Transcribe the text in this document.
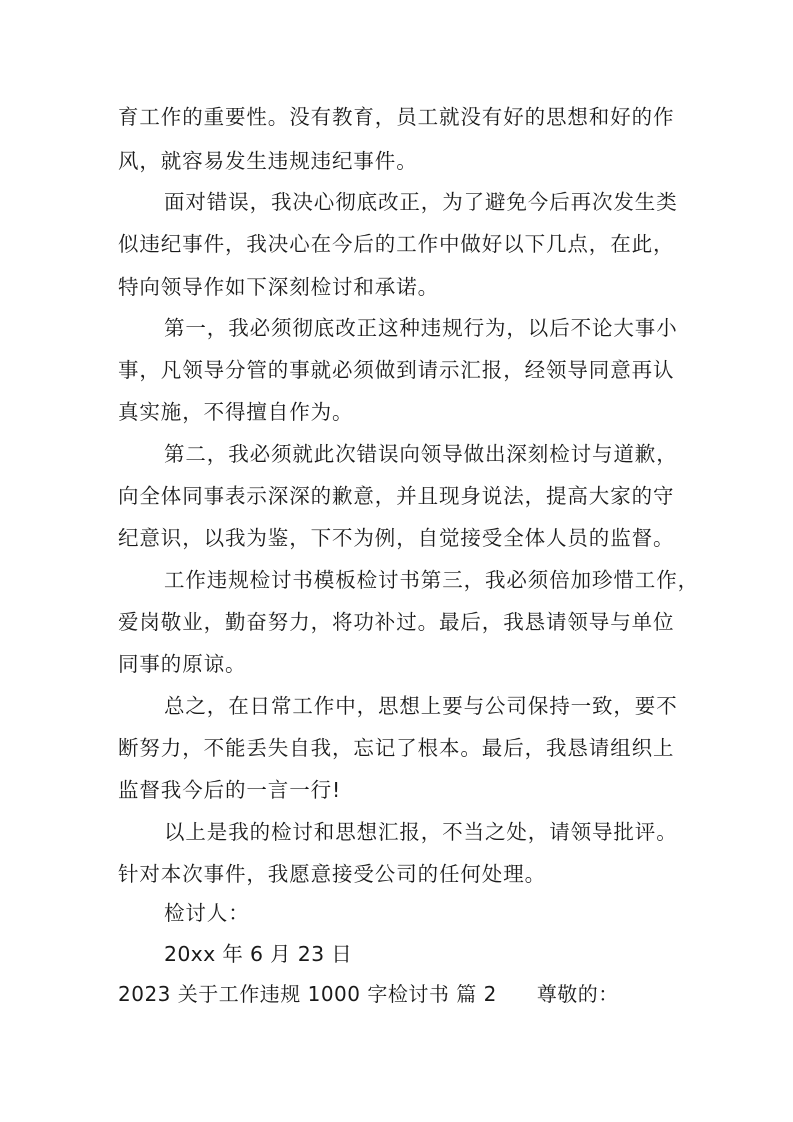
育工作的重要性。没有教育，员工就没有好的思想和好的作
风，就容易发生违规违纪事件。
面对错误，我决心彻底改正，为了避免今后再次发生类
似违纪事件，我决心在今后的工作中做好以下几点，在此，
特向领导作如下深刻检讨和承诺。
第一，我必须彻底改正这种违规行为，以后不论大事小
事，凡领导分管的事就必须做到请示汇报，经领导同意再认
真实施，不得擅自作为。
第二，我必须就此次错误向领导做出深刻检讨与道歉，
向全体同事表示深深的歉意，并且现身说法，提高大家的守
纪意识，以我为鉴，下不为例，自觉接受全体人员的监督。
工作违规检讨书模板检讨书第三，我必须倍加珍惜工作，
爱岗敬业，勤奋努力，将功补过。最后，我恳请领导与单位
同事的原谅。
总之，在日常工作中，思想上要与公司保持一致，要不
断努力，不能丢失自我，忘记了根本。最后，我恳请组织上
监督我今后的一言一行!
以上是我的检讨和思想汇报，不当之处，请领导批评。
针对本次事件，我愿意接受公司的任何处理。
检讨人：
20xx 年 6 月 23 日
2023 关于工作违规 1000 字检讨书 篇 2 尊敬的：
